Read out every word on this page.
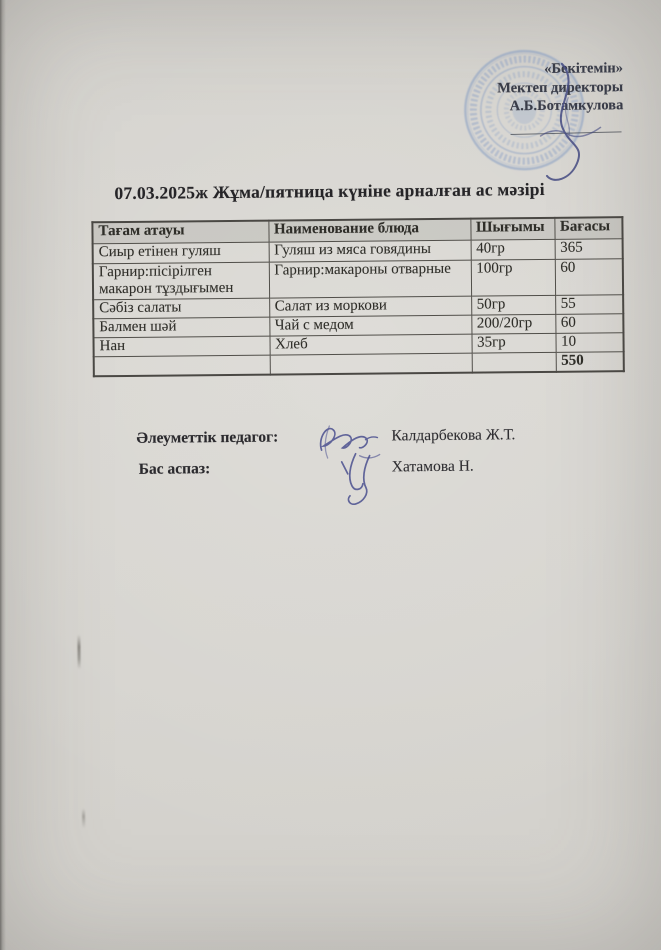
«Бекітемін»
Мектеп директоры
А.Б.Ботамкулова
07.03.2025ж Жұма/пятница күніне арналған ас мәзірі
Тағам атауы	Наименование блюда	Шығымы	Бағасы
Сиыр етінен гуляш	Гуляш из мяса говядины	40гр	365
Гарнир:пісірілген макарон тұздығымен	Гарнир:макароны отварные	100гр	60
Сәбіз салаты	Салат из моркови	50гр	55
Балмен шәй	Чай с медом	200/20гр	60
Нан	Хлеб	35гр	10
			550
Әлеуметтік педагог:	Калдарбекова Ж.Т.
Бас аспаз:	Хатамова Н.
